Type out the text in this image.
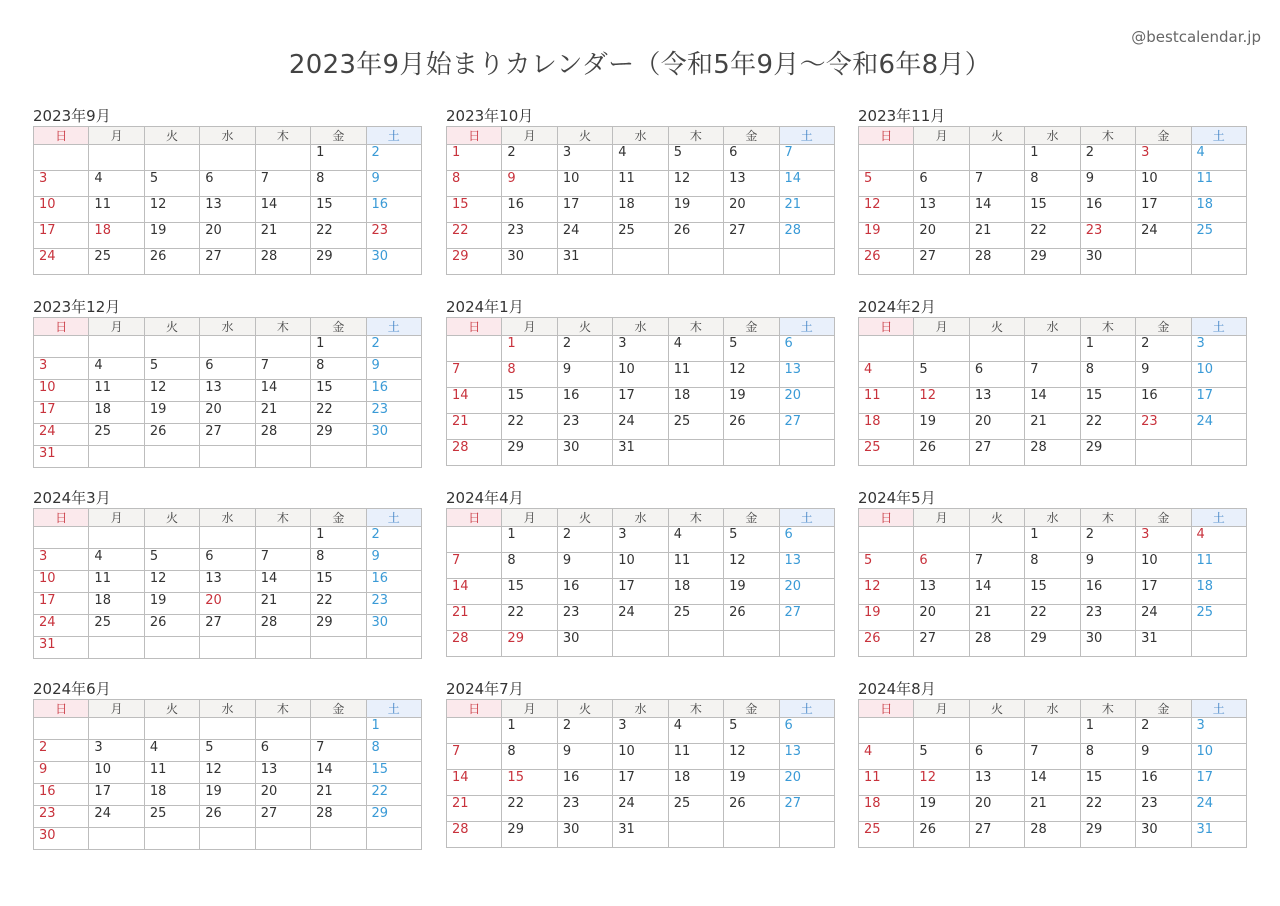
@bestcalendar.jp
2023年9月始まりカレンダー（令和5年9月〜令和6年8月）
2023年9月
日	月	火	水	木	金	土
					1	2
3	4	5	6	7	8	9
10	11	12	13	14	15	16
17	18	19	20	21	22	23
24	25	26	27	28	29	30
2023年10月
日	月	火	水	木	金	土
1	2	3	4	5	6	7
8	9	10	11	12	13	14
15	16	17	18	19	20	21
22	23	24	25	26	27	28
29	30	31				
2023年11月
日	月	火	水	木	金	土
			1	2	3	4
5	6	7	8	9	10	11
12	13	14	15	16	17	18
19	20	21	22	23	24	25
26	27	28	29	30		
2023年12月
日	月	火	水	木	金	土
					1	2
3	4	5	6	7	8	9
10	11	12	13	14	15	16
17	18	19	20	21	22	23
24	25	26	27	28	29	30
31						
2024年1月
日	月	火	水	木	金	土
	1	2	3	4	5	6
7	8	9	10	11	12	13
14	15	16	17	18	19	20
21	22	23	24	25	26	27
28	29	30	31			
2024年2月
日	月	火	水	木	金	土
				1	2	3
4	5	6	7	8	9	10
11	12	13	14	15	16	17
18	19	20	21	22	23	24
25	26	27	28	29		
2024年3月
日	月	火	水	木	金	土
					1	2
3	4	5	6	7	8	9
10	11	12	13	14	15	16
17	18	19	20	21	22	23
24	25	26	27	28	29	30
31						
2024年4月
日	月	火	水	木	金	土
	1	2	3	4	5	6
7	8	9	10	11	12	13
14	15	16	17	18	19	20
21	22	23	24	25	26	27
28	29	30				
2024年5月
日	月	火	水	木	金	土
			1	2	3	4
5	6	7	8	9	10	11
12	13	14	15	16	17	18
19	20	21	22	23	24	25
26	27	28	29	30	31	
2024年6月
日	月	火	水	木	金	土
						1
2	3	4	5	6	7	8
9	10	11	12	13	14	15
16	17	18	19	20	21	22
23	24	25	26	27	28	29
30						
2024年7月
日	月	火	水	木	金	土
	1	2	3	4	5	6
7	8	9	10	11	12	13
14	15	16	17	18	19	20
21	22	23	24	25	26	27
28	29	30	31			
2024年8月
日	月	火	水	木	金	土
				1	2	3
4	5	6	7	8	9	10
11	12	13	14	15	16	17
18	19	20	21	22	23	24
25	26	27	28	29	30	31
